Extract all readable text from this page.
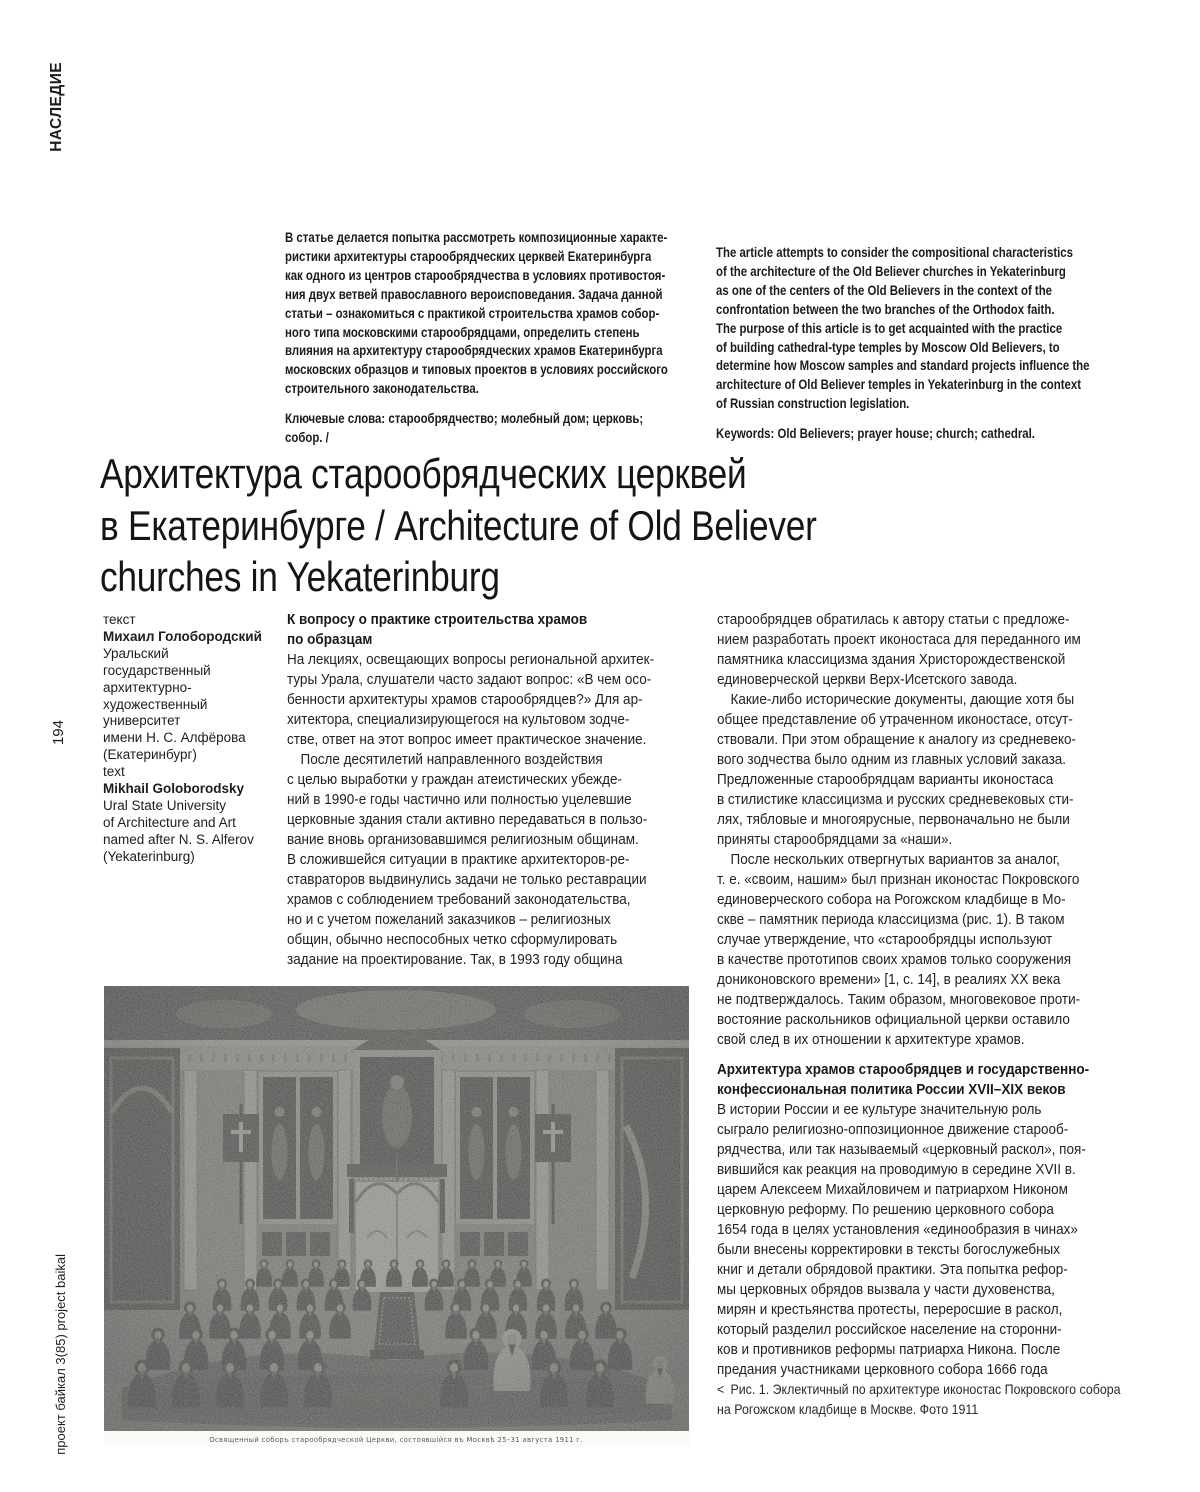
НАСЛЕДИЕ
194
проект байкал 3(85) project baikal

В статье делается попытка рассмотреть композиционные характе-
ристики архитектуры старообрядческих церквей Екатеринбурга
как одного из центров старообрядчества в условиях противостоя-
ния двух ветвей православного вероисповедания. Задача данной
статьи – ознакомиться с практикой строительства храмов собор-
ного типа московскими старообрядцами, определить степень
влияния на архитектуру старообрядческих храмов Екатеринбурга
московских образцов и типовых проектов в условиях российского
строительного законодательства.

Ключевые слова: старообрядчество; молебный дом; церковь;
собор. /

The article attempts to consider the compositional characteristics
of the architecture of the Old Believer churches in Yekaterinburg
as one of the centers of the Old Believers in the context of the
confrontation between the two branches of the Orthodox faith.
The purpose of this article is to get acquainted with the practice
of building cathedral-type temples by Moscow Old Believers, to
determine how Moscow samples and standard projects influence the
architecture of Old Believer temples in Yekaterinburg in the context
of Russian construction legislation.

Keywords: Old Believers; prayer house; church; cathedral.

Архитектура старообрядческих церквей
в Екатеринбурге / Architecture of Old Believer
churches in Yekaterinburg

текст

Михаил Голобородский

Уральский
государственный
архитектурно-
художественный
университет
имени Н. С. Алфёрова
(Екатеринбург)

text

Mikhail Goloborodsky

Ural State University
of Architecture and Art
named after N. S. Alferov
(Yekaterinburg)

К вопросу о практике строительства храмов
по образцам

На лекциях, освещающих вопросы региональной архитек-
туры Урала, слушатели часто задают вопрос: «В чем осо-
бенности архитектуры храмов старообрядцев?» Для ар-
хитектора, специализирующегося на культовом зодче-
стве, ответ на этот вопрос имеет практическое значение.
 После десятилетий направленного воздействия
с целью выработки у граждан атеистических убежде-
ний в 1990-е годы частично или полностью уцелевшие
церковные здания стали активно передаваться в пользо-
вание вновь организовавшимся религиозным общинам.
В сложившейся ситуации в практике архитекторов-ре-
ставраторов выдвинулись задачи не только реставрации
храмов с соблюдением требований законодательства,
но и с учетом пожеланий заказчиков – религиозных
общин, обычно неспособных четко сформулировать
задание на проектирование. Так, в 1993 году община

старообрядцев обратилась к автору статьи с предложе-
нием разработать проект иконостаса для переданного им
памятника классицизма здания Христорождественской
единоверческой церкви Верх-Исетского завода.
 Какие-либо исторические документы, дающие хотя бы
общее представление об утраченном иконостасе, отсут-
ствовали. При этом обращение к аналогу из средневеко-
вого зодчества было одним из главных условий заказа.
Предложенные старообрядцам варианты иконостаса
в стилистике классицизма и русских средневековых сти-
лях, тябловые и многоярусные, первоначально не были
приняты старообрядцами за «наши».
 После нескольких отвергнутых вариантов за аналог,
т. е. «своим, нашим» был признан иконостас Покровского
единоверческого собора на Рогожском кладбище в Мо-
скве – памятник периода классицизма (рис. 1). В таком
случае утверждение, что «старообрядцы используют
в качестве прототипов своих храмов только сооружения
дониконовского времени» [1, с. 14], в реалиях XX века
не подтверждалось. Таким образом, многовековое проти-
востояние раскольников официальной церкви оставило
свой след в их отношении к архитектуре храмов.

Архитектура храмов старообрядцев и государственно-
конфессиональная политика России XVII–XIX веков

В истории России и ее культуре значительную роль
сыграло религиозно-оппозиционное движение старооб-
рядчества, или так называемый «церковный раскол», поя-
вившийся как реакция на проводимую в середине XVII в.
царем Алексеем Михайловичем и патриархом Никоном
церковную реформу. По решению церковного собора
1654 года в целях установления «единообразия в чинах»
были внесены корректировки в тексты богослужебных
книг и детали обрядовой практики. Эта попытка рефор-
мы церковных обрядов вызвала у части духовенства,
мирян и крестьянства протесты, переросшие в раскол,
который разделил российское население на сторонни-
ков и противников реформы патриарха Никона. После
предания участниками церковного собора 1666 года

< Рис. 1. Эклектичный по архитектуре иконостас Покровского собора
на Рогожском кладбище в Москве. Фото 1911

Освященный соборъ старообрядческой Церкви, состоявшійся въ Москвѣ 25–31 августа 1911 г.
